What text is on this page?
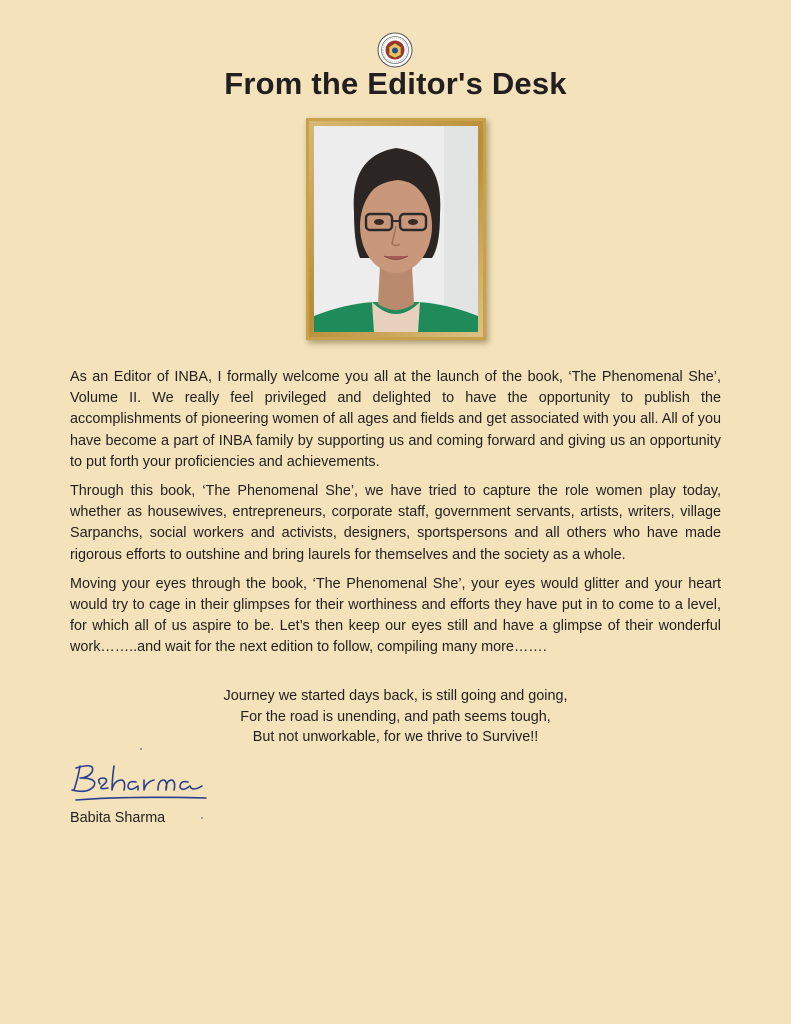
From the Editor's Desk

As an Editor of INBA, I formally welcome you all at the launch of the book, ‘The Phenomenal She’, Volume II. We really feel privileged and delighted to have the opportunity to publish the accomplishments of pioneering women of all ages and fields and get associated with you all. All of you have become a part of INBA family by supporting us and coming forward and giving us an opportunity to put forth your proficiencies and achievements.

Through this book, ‘The Phenomenal She’, we have tried to capture the role women play today, whether as housewives, entrepreneurs, corporate staff, government servants, artists, writers, village Sarpanchs, social workers and activists, designers, sportspersons and all others who have made rigorous efforts to outshine and bring laurels for themselves and the society as a whole.

Moving your eyes through the book, ‘The Phenomenal She’, your eyes would glitter and your heart would try to cage in their glimpses for their worthiness and efforts they have put in to come to a level, for which all of us aspire to be. Let’s then keep our eyes still and have a glimpse of their wonderful work……..and wait for the next edition to follow, compiling many more…….

Journey we started days back, is still going and going,
For the road is unending, and path seems tough,
But not unworkable, for we thrive to Survive!!
Babita Sharma
